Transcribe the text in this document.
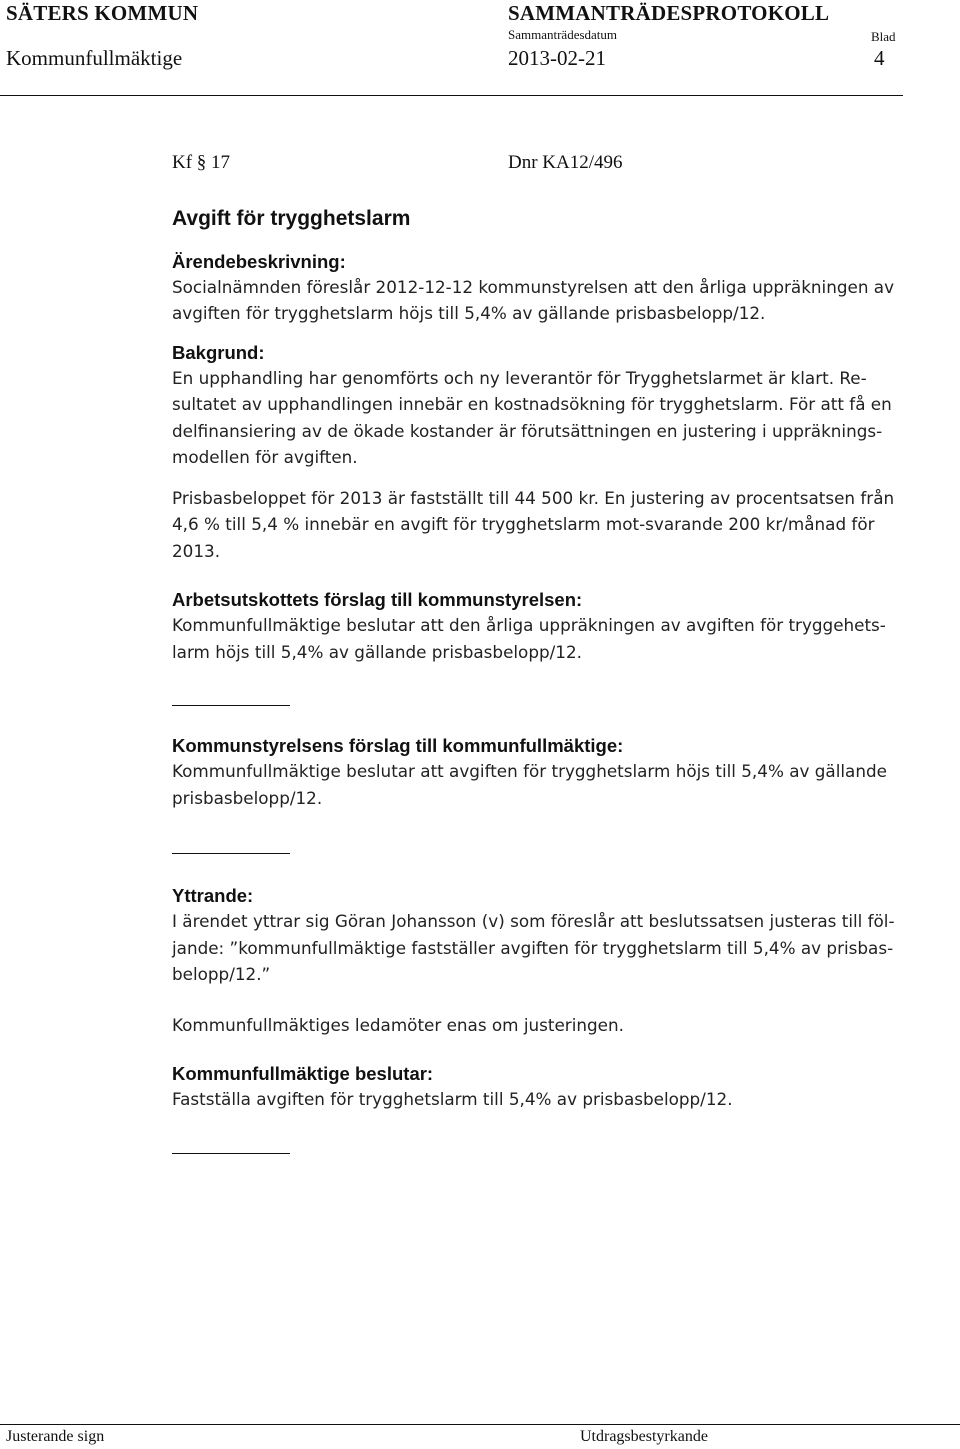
SÄTERS KOMMUN	SAMMANTRÄDESPROTOKOLL
Sammanträdesdatum	Blad
Kommunfullmäktige	2013-02-21	4
Kf § 17	Dnr KA12/496
Avgift för trygghetslarm
Ärendebeskrivning:
Socialnämnden föreslår 2012-12-12 kommunstyrelsen att den årliga uppräkningen av
avgiften för trygghetslarm höjs till 5,4% av gällande prisbasbelopp/12.
Bakgrund:
En upphandling har genomförts och ny leverantör för Trygghetslarmet är klart. Re-
sultatet av upphandlingen innebär en kostnadsökning för trygghetslarm. För att få en
delfinansiering av de ökade kostander är förutsättningen en justering i uppräknings-
modellen för avgiften.
Prisbasbeloppet för 2013 är fastställt till 44 500 kr. En justering av procentsatsen från
4,6 % till 5,4 % innebär en avgift för trygghetslarm mot-svarande 200 kr/månad för
2013.
Arbetsutskottets förslag till kommunstyrelsen:
Kommunfullmäktige beslutar att den årliga uppräkningen av avgiften för tryggehets-
larm höjs till 5,4% av gällande prisbasbelopp/12.
Kommunstyrelsens förslag till kommunfullmäktige:
Kommunfullmäktige beslutar att avgiften för trygghetslarm höjs till 5,4% av gällande
prisbasbelopp/12.
Yttrande:
I ärendet yttrar sig Göran Johansson (v) som föreslår att beslutssatsen justeras till föl-
jande: ”kommunfullmäktige fastställer avgiften för trygghetslarm till 5,4% av prisbas-
belopp/12.”
Kommunfullmäktiges ledamöter enas om justeringen.
Kommunfullmäktige beslutar:
Fastställa avgiften för trygghetslarm till 5,4% av prisbasbelopp/12.
Justerande sign	Utdragsbestyrkande
